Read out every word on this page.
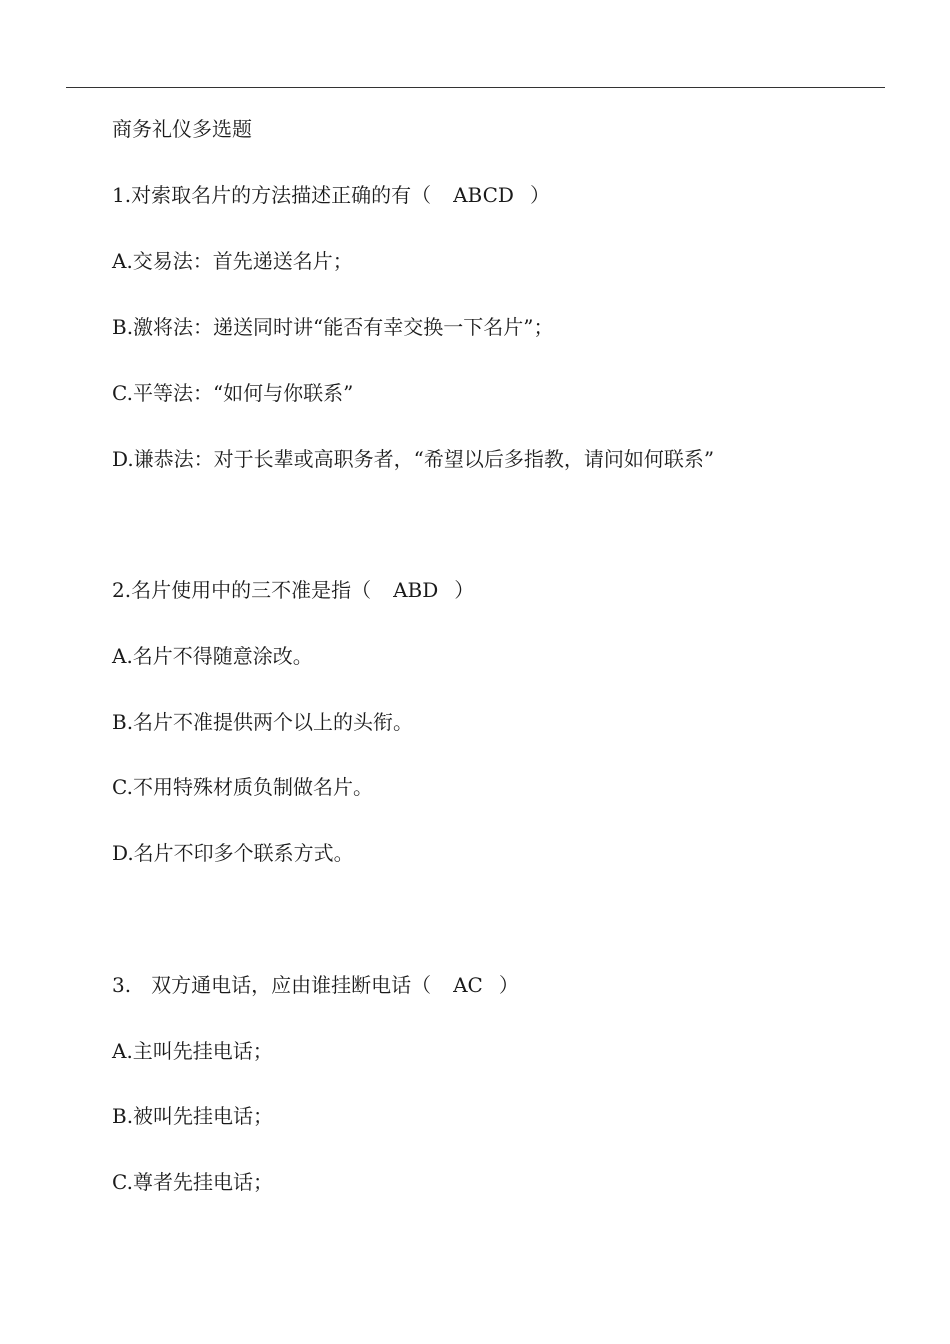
商务礼仪多选题
1.对索取名片的方法描述正确的有（ ABCD ）
A.交易法：首先递送名片；
B.激将法：递送同时讲“能否有幸交换一下名片”；
C.平等法：“如何与你联系”
D.谦恭法：对于长辈或高职务者，“希望以后多指教，请问如何联系”
2.名片使用中的三不准是指（ ABD ）
A.名片不得随意涂改。
B.名片不准提供两个以上的头衔。
C.不用特殊材质负制做名片。
D.名片不印多个联系方式。
3.　双方通电话，应由谁挂断电话（ AC ）
A.主叫先挂电话；
B.被叫先挂电话；
C.尊者先挂电话；
